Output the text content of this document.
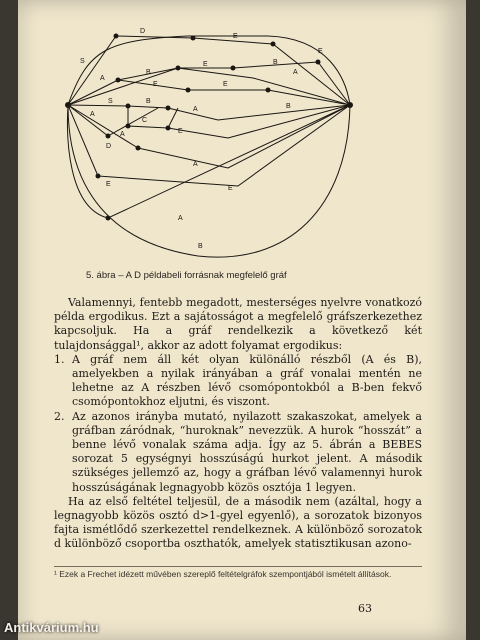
D
E
E
S
A
B
E	B
A
E
E
S
A
B
A	B
C
A
D
A
E
E
E
A
B
5. ábra – A D példabeli forrásnak megfelelő gráf

Valamennyi, fentebb megadott, mesterséges nyelvre vonatkozó példa ergodikus. Ezt a sajátosságot a megfelelő gráfszerkezethez kapcsoljuk. Ha a gráf rendelkezik a következő két tulajdonsággal¹, akkor az adott folyamat ergodikus:

1. A gráf nem áll két olyan különálló részből (A és B), amelyekben a nyilak irányában a gráf vonalai mentén ne lehetne az A részben lévő csomópontokból a B-ben fekvő csomópontokhoz eljutni, és viszont.
2. Az azonos irányba mutató, nyilazott szakaszokat, amelyek a gráfban záródnak, “huroknak” nevezzük. A hurok “hosszát” a benne lévő vonalak száma adja. Így az 5. ábrán a BEBES sorozat 5 egységnyi hosszúságú hurkot jelent. A második szükséges jellemző az, hogy a gráfban lévő valamennyi hurok hosszúságának legnagyobb közös osztója 1 legyen.

Ha az első feltétel teljesül, de a második nem (azáltal, hogy a legnagyobb közös osztó d>1-gyel egyenlő), a sorozatok bizonyos fajta ismétlődő szerkezettel rendelkeznek. A különböző sorozatok d különböző csoportba oszthatók, amelyek statisztikusan azono-

¹ Ezek a Frechet idézett művében szereplő feltételgráfok szempontjából ismételt állítások.
63
Antikvárium.hu
